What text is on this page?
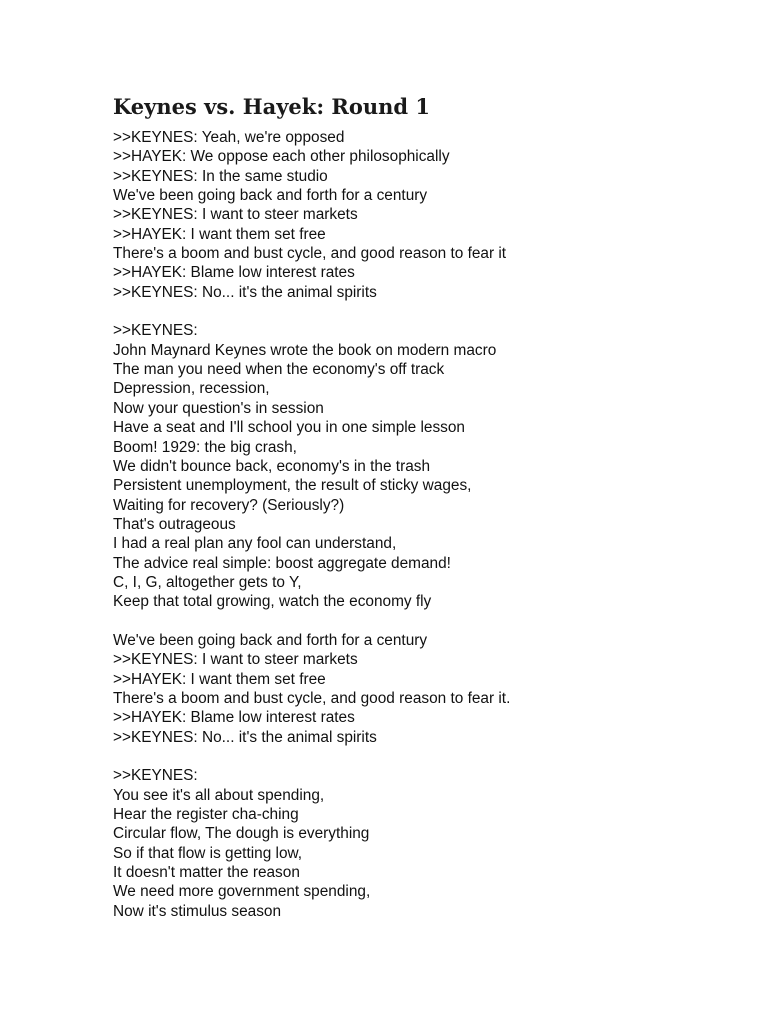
Keynes vs. Hayek: Round 1
>>KEYNES: Yeah, we're opposed
>>HAYEK: We oppose each other philosophically
>>KEYNES: In the same studio
We've been going back and forth for a century
>>KEYNES: I want to steer markets
>>HAYEK: I want them set free
There's a boom and bust cycle, and good reason to fear it
>>HAYEK: Blame low interest rates
>>KEYNES: No... it's the animal spirits
>>KEYNES:
John Maynard Keynes wrote the book on modern macro
The man you need when the economy's off track
Depression, recession,
Now your question's in session
Have a seat and I'll school you in one simple lesson
Boom! 1929: the big crash,
We didn't bounce back, economy's in the trash
Persistent unemployment, the result of sticky wages,
Waiting for recovery? (Seriously?)
That's outrageous
I had a real plan any fool can understand,
The advice real simple: boost aggregate demand!
C, I, G, altogether gets to Y,
Keep that total growing, watch the economy fly
We've been going back and forth for a century
>>KEYNES: I want to steer markets
>>HAYEK: I want them set free
There's a boom and bust cycle, and good reason to fear it.
>>HAYEK: Blame low interest rates
>>KEYNES: No... it's the animal spirits
>>KEYNES:
You see it's all about spending,
Hear the register cha-ching
Circular flow, The dough is everything
So if that flow is getting low,
It doesn't matter the reason
We need more government spending,
Now it's stimulus season
